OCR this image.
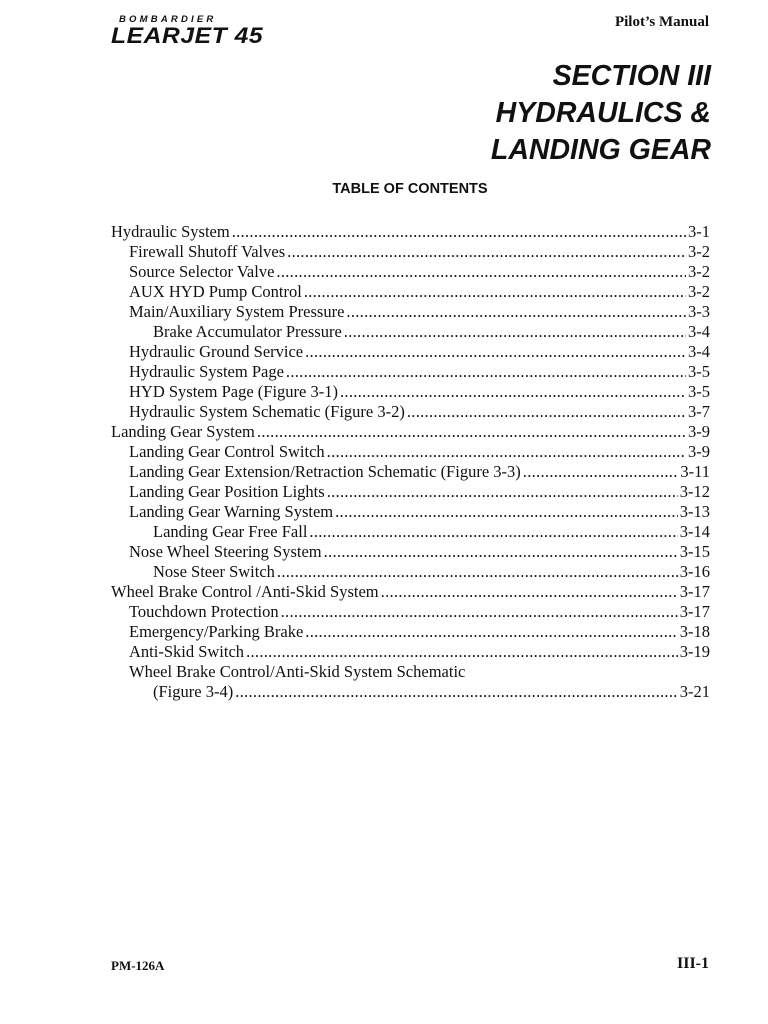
BOMBARDIER
LEARJET 45
Pilot’s Manual
SECTION III
HYDRAULICS &
LANDING GEAR
TABLE OF CONTENTS
Hydraulic System .....	3-1
Firewall Shutoff Valves .....	3-2
Source Selector Valve .....	3-2
AUX HYD Pump Control .....	3-2
Main/Auxiliary System Pressure .....	3-3
Brake Accumulator Pressure .....	3-4
Hydraulic Ground Service .....	3-4
Hydraulic System Page .....	3-5
HYD System Page (Figure 3-1) .....	3-5
Hydraulic System Schematic (Figure 3-2) .....	3-7
Landing Gear System .....	3-9
Landing Gear Control Switch .....	3-9
Landing Gear Extension/Retraction Schematic (Figure 3-3) .....	3-11
Landing Gear Position Lights .....	3-12
Landing Gear Warning System .....	3-13
Landing Gear Free Fall .....	3-14
Nose Wheel Steering System .....	3-15
Nose Steer Switch .....	3-16
Wheel Brake Control /Anti-Skid System .....	3-17
Touchdown Protection .....	3-17
Emergency/Parking Brake .....	3-18
Anti-Skid Switch .....	3-19
Wheel Brake Control/Anti-Skid System Schematic
(Figure 3-4) .....	3-21
PM-126A	III-1
